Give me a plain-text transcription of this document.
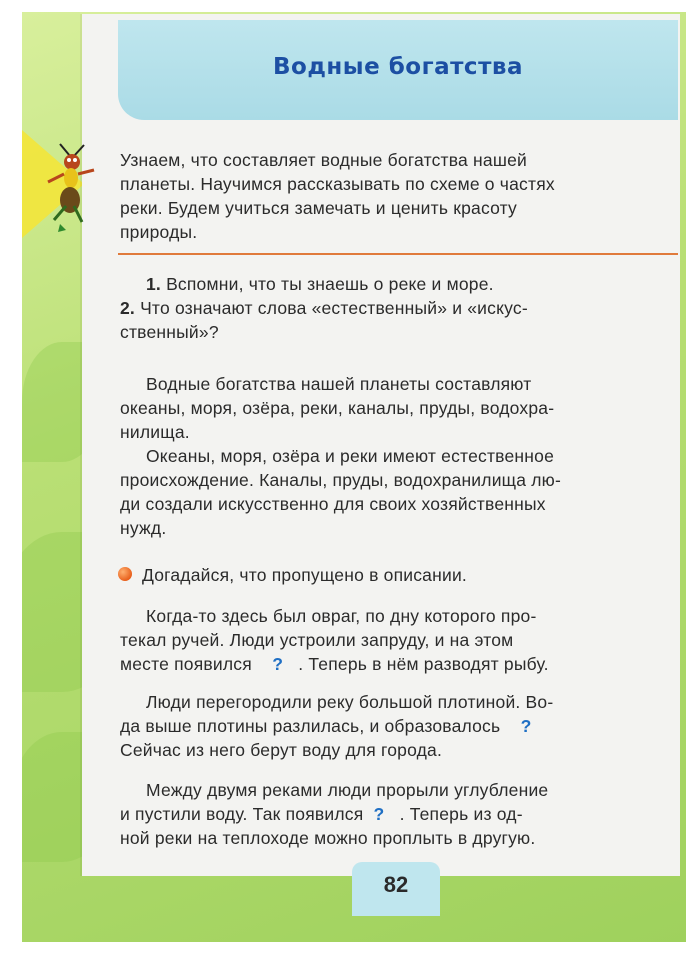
Водные богатства
Узнаем, что составляет водные богатства нашей
планеты. Научимся рассказывать по схеме о частях
реки. Будем учиться замечать и ценить красоту
природы.
1. Вспомни, что ты знаешь о реке и море.
2. Что означают слова «естественный» и «искус-
ственный»?
Водные богатства нашей планеты составляют
океаны, моря, озёра, реки, каналы, пруды, водохра-
нилища.
Океаны, моря, озёра и реки имеют естественное
происхождение. Каналы, пруды, водохранилища лю-
ди создали искусственно для своих хозяйственных
нужд.
Догадайся, что пропущено в описании.
Когда-то здесь был овраг, по дну которого про-
текал ручей. Люди устроили запруду, и на этом
месте появился ? . Теперь в нём разводят рыбу.
Люди перегородили реку большой плотиной. Во-
да выше плотины разлилась, и образовалось ?
Сейчас из него берут воду для города.
Между двумя реками люди прорыли углубление
и пустили воду. Так появился ? . Теперь из од-
ной реки на теплоходе можно проплыть в другую.
82
